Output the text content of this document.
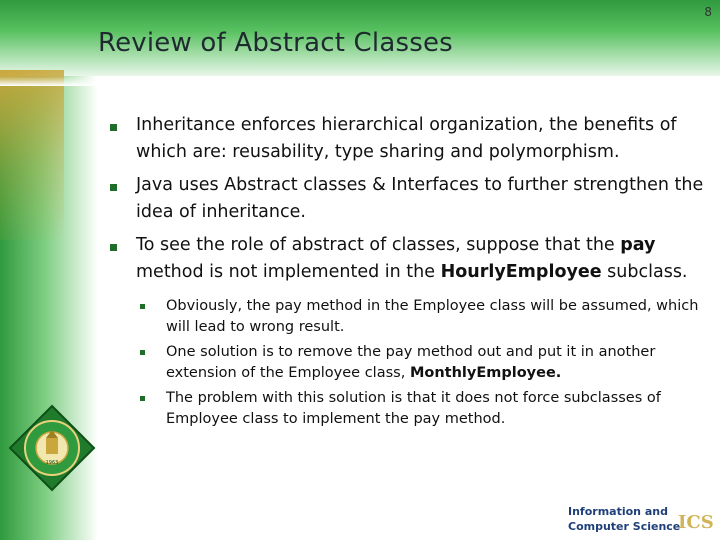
8
Review of Abstract Classes
Inheritance enforces hierarchical organization, the benefits of which are: reusability, type sharing and polymorphism.
Java uses Abstract classes & Interfaces to further strengthen the idea of inheritance.
To see the role of abstract of classes, suppose that the pay method is not implemented in the HourlyEmployee subclass.
Obviously, the pay method in the Employee class will be assumed, which will lead to wrong result.
One solution is to remove the pay method out and put it in another extension of the Employee class, MonthlyEmployee.
The problem with this solution is that it does not force subclasses of Employee class to implement the pay method.
1963
Information and
Computer Science
ICS
